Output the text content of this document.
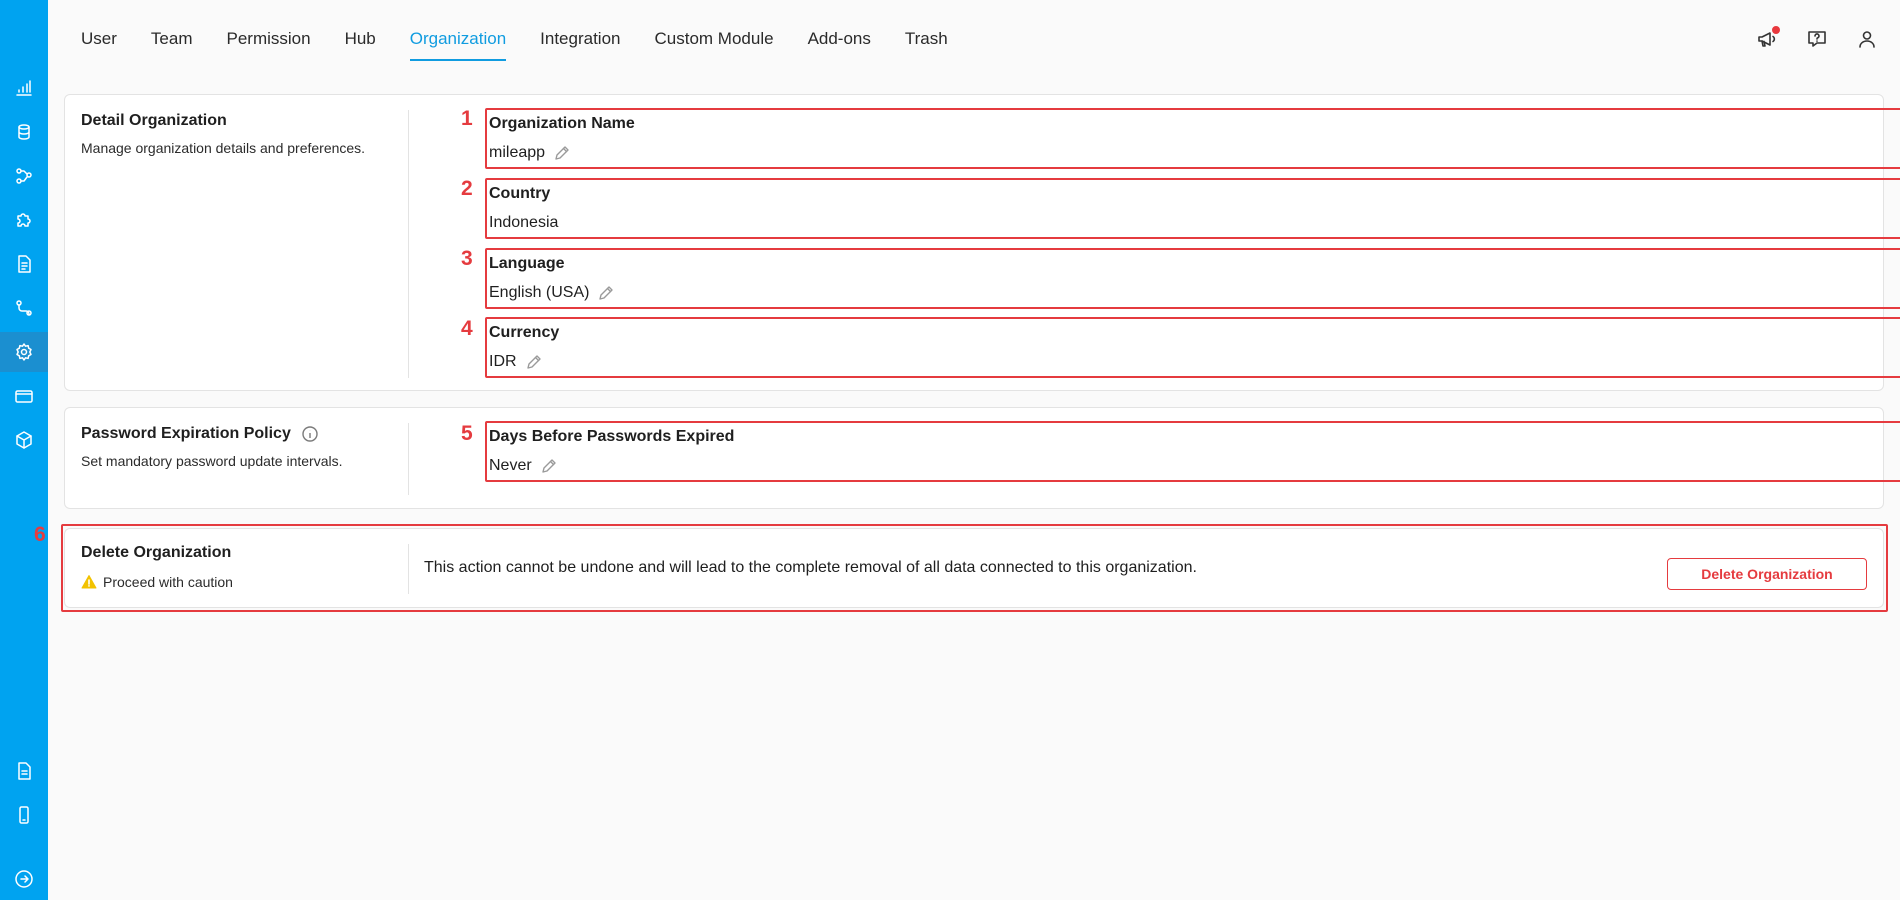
User Team Permission Hub Organization Integration Custom Module Add-ons Trash
Detail Organization
Manage organization details and preferences.
1 Organization Name
mileapp
2 Country
Indonesia
3 Language
English (USA)
4 Currency
IDR
Password Expiration Policy
Set mandatory password update intervals.
5 Days Before Passwords Expired
Never
6
Delete Organization
Proceed with caution
This action cannot be undone and will lead to the complete removal of all data connected to this organization.	Delete Organization
